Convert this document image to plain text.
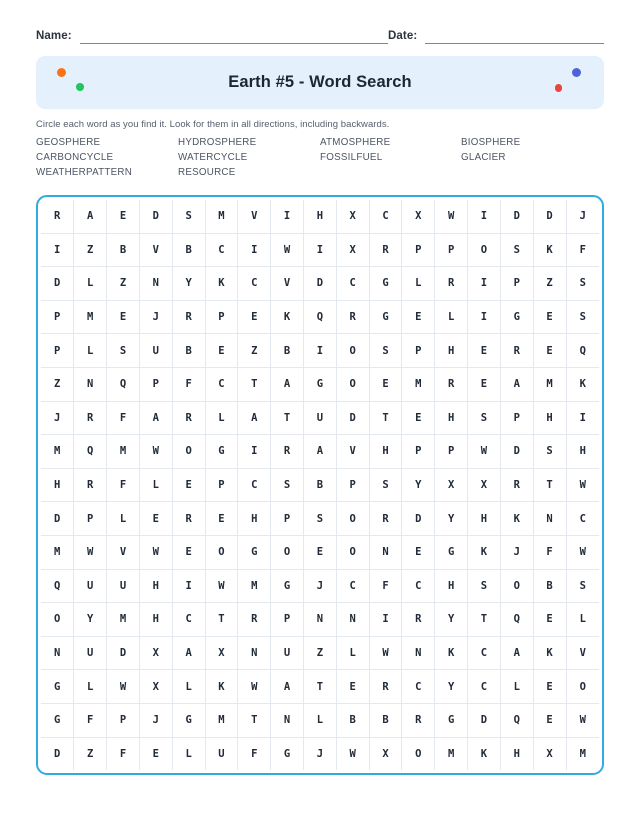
Name:	Date:
Earth #5 - Word Search
Circle each word as you find it. Look for them in all directions, including backwards.
GEOSPHERE	HYDROSPHERE	ATMOSPHERE	BIOSPHERE
CARBONCYCLE	WATERCYCLE	FOSSILFUEL	GLACIER
WEATHERPATTERN	RESOURCE
R	A	E	D	S	M	V	I	H	X	C	X	W	I	D	D	J
I	Z	B	V	B	C	I	W	I	X	R	P	P	O	S	K	F
D	L	Z	N	Y	K	C	V	D	C	G	L	R	I	P	Z	S
P	M	E	J	R	P	E	K	Q	R	G	E	L	I	G	E	S
P	L	S	U	B	E	Z	B	I	O	S	P	H	E	R	E	Q
Z	N	Q	P	F	C	T	A	G	O	E	M	R	E	A	M	K
J	R	F	A	R	L	A	T	U	D	T	E	H	S	P	H	I
M	Q	M	W	O	G	I	R	A	V	H	P	P	W	D	S	H
H	R	F	L	E	P	C	S	B	P	S	Y	X	X	R	T	W
D	P	L	E	R	E	H	P	S	O	R	D	Y	H	K	N	C
M	W	V	W	E	O	G	O	E	O	N	E	G	K	J	F	W
Q	U	U	H	I	W	M	G	J	C	F	C	H	S	O	B	S
O	Y	M	H	C	T	R	P	N	N	I	R	Y	T	Q	E	L
N	U	D	X	A	X	N	U	Z	L	W	N	K	C	A	K	V
G	L	W	X	L	K	W	A	T	E	R	C	Y	C	L	E	O
G	F	P	J	G	M	T	N	L	B	B	R	G	D	Q	E	W
D	Z	F	E	L	U	F	G	J	W	X	O	M	K	H	X	M
